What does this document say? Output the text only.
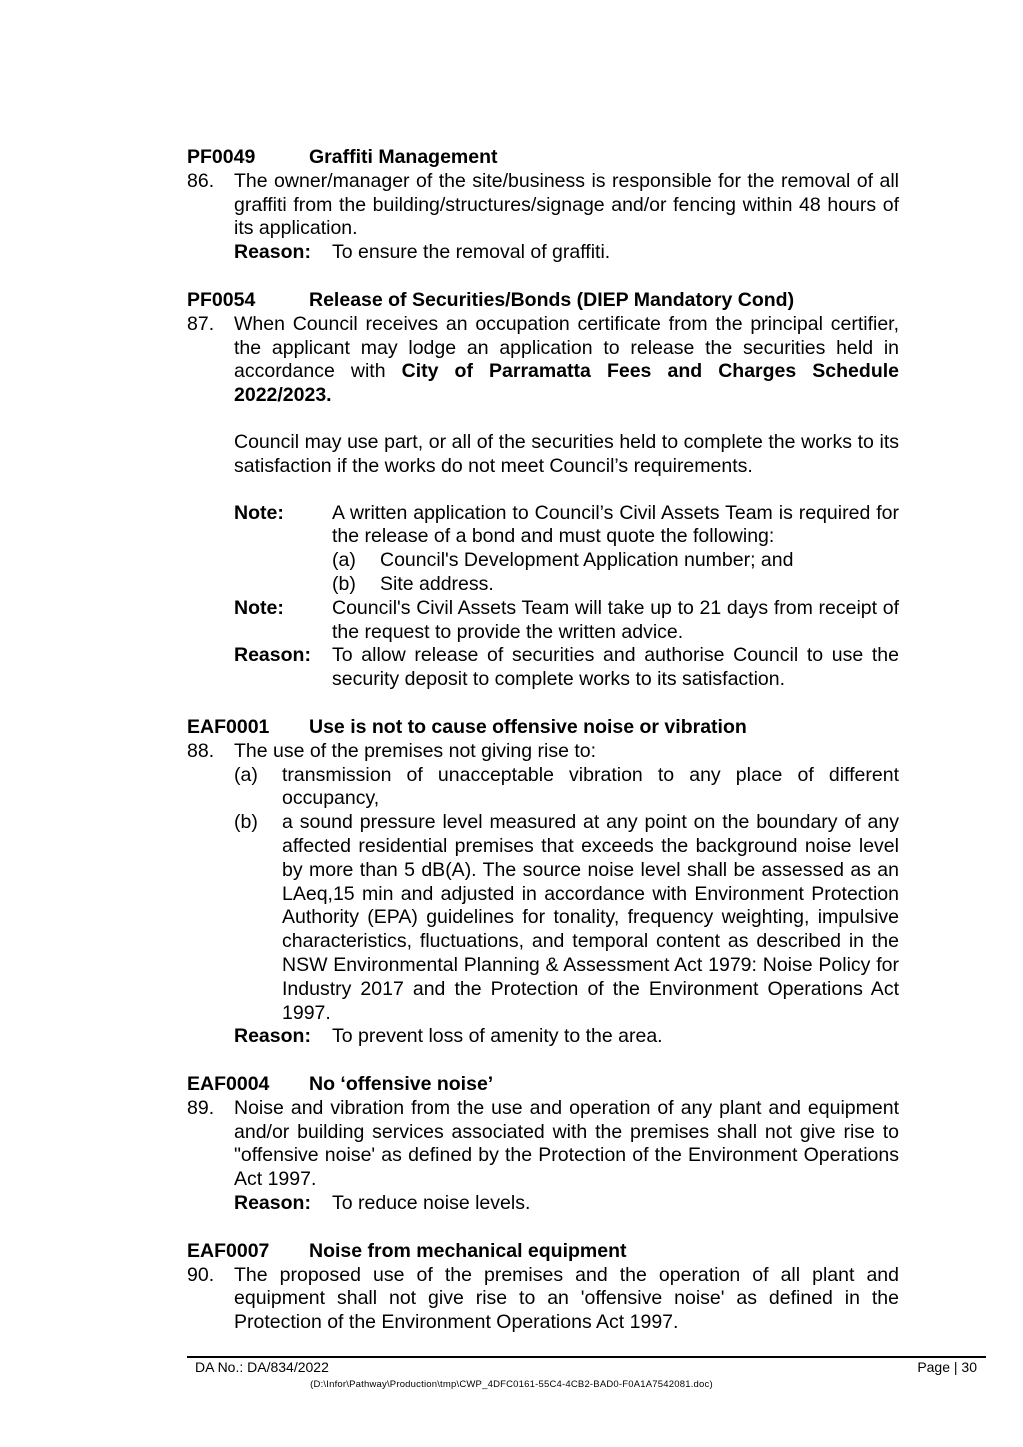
PF0049	Graffiti Management
86. The owner/manager of the site/business is responsible for the removal of all graffiti from the building/structures/signage and/or fencing within 48 hours of its application.
Reason: To ensure the removal of graffiti.
PF0054	Release of Securities/Bonds (DIEP Mandatory Cond)
87. When Council receives an occupation certificate from the principal certifier, the applicant may lodge an application to release the securities held in accordance with City of Parramatta Fees and Charges Schedule 2022/2023.
Council may use part, or all of the securities held to complete the works to its satisfaction if the works do not meet Council’s requirements.
Note: A written application to Council’s Civil Assets Team is required for the release of a bond and must quote the following:
(a) Council's Development Application number; and
(b) Site address.
Note: Council's Civil Assets Team will take up to 21 days from receipt of the request to provide the written advice.
Reason: To allow release of securities and authorise Council to use the security deposit to complete works to its satisfaction.
EAF0001 Use is not to cause offensive noise or vibration
88. The use of the premises not giving rise to:
(a) transmission of unacceptable vibration to any place of different occupancy,
(b) a sound pressure level measured at any point on the boundary of any affected residential premises that exceeds the background noise level by more than 5 dB(A). The source noise level shall be assessed as an LAeq,15 min and adjusted in accordance with Environment Protection Authority (EPA) guidelines for tonality, frequency weighting, impulsive characteristics, fluctuations, and temporal content as described in the NSW Environmental Planning & Assessment Act 1979: Noise Policy for Industry 2017 and the Protection of the Environment Operations Act 1997.
Reason: To prevent loss of amenity to the area.
EAF0004 No ‘offensive noise’
89. Noise and vibration from the use and operation of any plant and equipment and/or building services associated with the premises shall not give rise to "offensive noise' as defined by the Protection of the Environment Operations Act 1997.
Reason: To reduce noise levels.
EAF0007 Noise from mechanical equipment
90. The proposed use of the premises and the operation of all plant and equipment shall not give rise to an 'offensive noise' as defined in the Protection of the Environment Operations Act 1997.
DA No.: DA/834/2022	Page | 30
(D:\Infor\Pathway\Production\tmp\CWP_4DFC0161-55C4-4CB2-BAD0-F0A1A7542081.doc)
